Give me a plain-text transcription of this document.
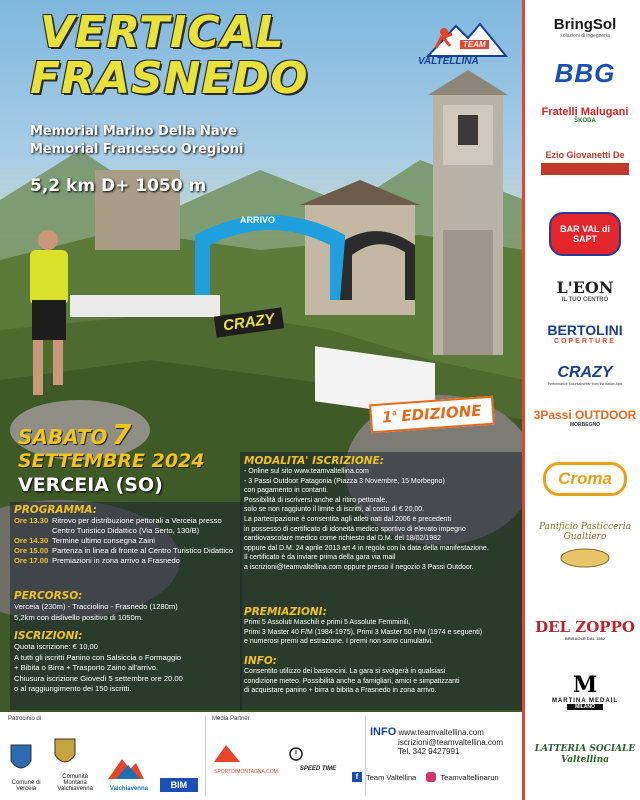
ARRIVO
CRAZY
VERTICAL
FRASNEDO
TEAM
VALTELLINA
Memorial Marino Della Nave
Memorial Francesco Oregioni
5,2 km D+ 1050 m
1$^a$ EDIZIONE
SABATO 7
SETTEMBRE 2024
VERCEIA (SO)
PROGRAMMA:
Ore 13.30 Ritrovo per distribuzione pettorali a Verceia presso Centro Turistico Didattico (Via Serto, 130/B)
Ore 14.30 Termine ultimo consegna Zaini
Ore 15.00 Partenza in linea di fronte al Centro Turistico Didattico
Ore 17.00 Premiazioni in zona arrivo a Frasnedo
PERCORSO:
Verceia (230m) - Tracciolino - Frasnedo (1280m)
5,2km con dislivello positivo di 1050m.
ISCRIZIONI:
Quota iscrizione: € 10,00
A tutti gli iscritti Panino con Salsiccia o Formaggio
+ Bibita o Birra + Trasporto Zaino all'arrivo.
Chiusura iscrizione Giovedì 5 settembre ore 20.00
o al raggiungimento dei 150 iscritti.
MODALITA' ISCRIZIONE:
- Online sul sito www.teamvaltellina.com
- 3 Passi Outdoor Patagonia (Piazza 3 Novembre, 15 Morbegno)
con pagamento in contanti.
Possibilità di iscriversi anche al ritiro pettorale,
solo se non raggiunto il limite di iscritti, al costo di € 20,00.
La partecipazione è consentita agli atleti nati dal 2006 e precedenti
in possesso di certificato di idoneità medico sportivo di elevato impegno
cardiovascolare medico come richiesto dal D.M. del 18/02/1982
oppure dal D.M. 24 aprile 2013 art 4 in regola con la data della manifestazione.
Il certificato è da inviare prima della gara via mail
a iscrizioni@teamvaltellina.com oppure presso il negozio 3 Passi Outdoor.
PREMIAZIONI:
Primi 5 Assoluti Maschili e primi 5 Assolute Femminili,
Primi 3 Master 40 F/M (1984-1975), Primi 3 Master 50 F/M (1974 e seguenti)
e numerosi premi ad estrazione. I premi non sono cumulativi.
INFO:
Consentito utilizzo dei bastoncini. La gara si svolgerà in qualsiasi
condizione meteo. Possibilità anche a famigliari, amici e simpatizzanti
di acquistare panino + birra o bibita a Frasnedo in zona arrivo.
Patrocinio di
Comune di Verceia
Comunità Montana Valchiavenna	Valchiavenna	BIM
Media Partner
SPORTDIMONTAGNA.COM	SPEED TIME
INFO www.teamvaltellina.com
iscrizioni@teamvaltellina.com
Tel. 342 9427991
f	Team Valtellina	Teamvaltellinarun
BringSol
soluzioni di ingegneria
BBG
Fratelli Malugani
ŠKODA
Ezio Giovanetti De
BAR VAL di SAPT
L'EON
IL TUO CENTRO
BERTOLINI
COPERTURE
CRAZY
Performance Mountainwear from the Italian Alps
3Passi OUTDOOR
MORBEGNO
Croma
Panificio Pasticceria Gualtiero
DEL ZOPPO
BRISAOLE DAL 1982
M
MARTINA MEDAIL
MILANO
LATTERIA SOCIALE Valtellina
